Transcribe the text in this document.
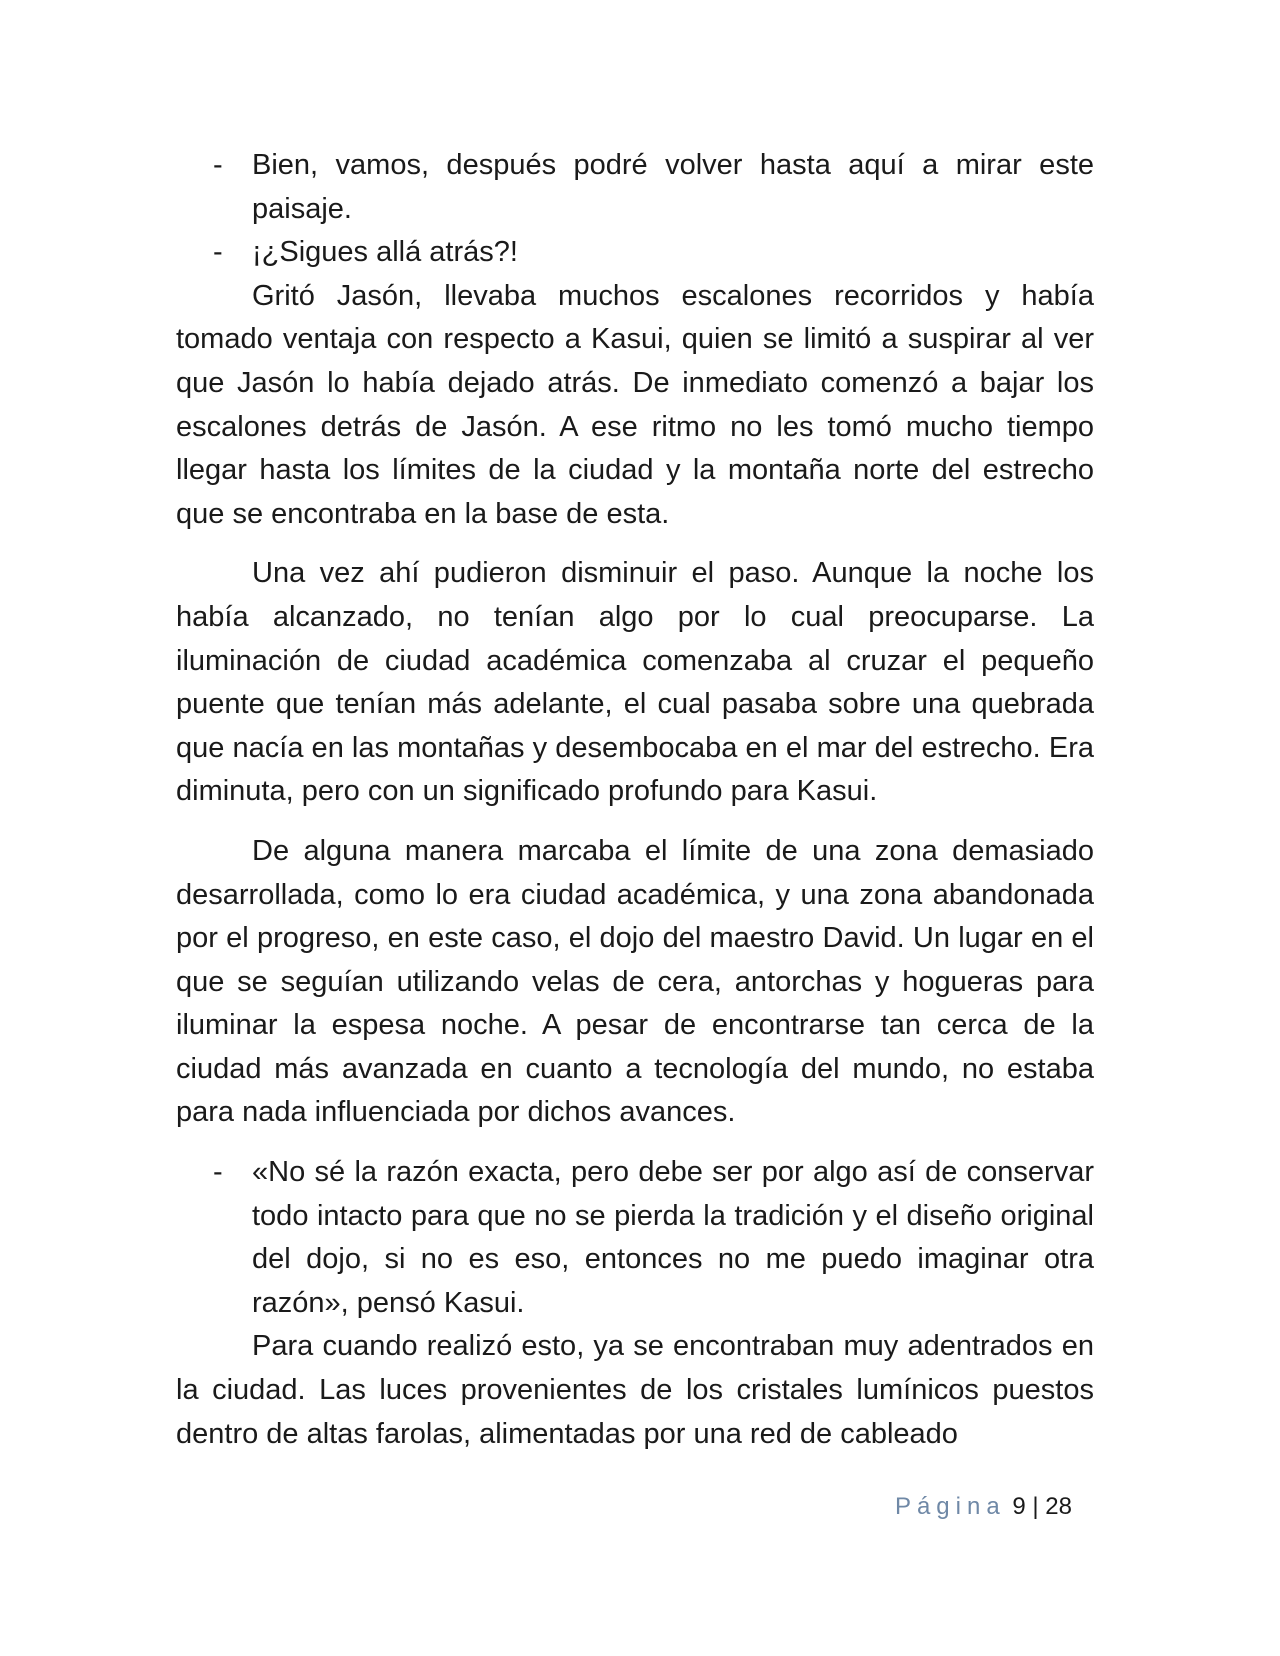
- Bien, vamos, después podré volver hasta aquí a mirar este paisaje.
- ¡¿Sigues allá atrás?!

Gritó Jasón, llevaba muchos escalones recorridos y había tomado ventaja con respecto a Kasui, quien se limitó a suspirar al ver que Jasón lo había dejado atrás. De inmediato comenzó a bajar los escalones detrás de Jasón. A ese ritmo no les tomó mucho tiempo llegar hasta los límites de la ciudad y la montaña norte del estrecho que se encontraba en la base de esta.

Una vez ahí pudieron disminuir el paso. Aunque la noche los había alcanzado, no tenían algo por lo cual preocuparse. La iluminación de ciudad académica comenzaba al cruzar el pequeño puente que tenían más adelante, el cual pasaba sobre una quebrada que nacía en las montañas y desembocaba en el mar del estrecho. Era diminuta, pero con un significado profundo para Kasui.

De alguna manera marcaba el límite de una zona demasiado desarrollada, como lo era ciudad académica, y una zona abandonada por el progreso, en este caso, el dojo del maestro David. Un lugar en el que se seguían utilizando velas de cera, antorchas y hogueras para iluminar la espesa noche. A pesar de encontrarse tan cerca de la ciudad más avanzada en cuanto a tecnología del mundo, no estaba para nada influenciada por dichos avances.

- «No sé la razón exacta, pero debe ser por algo así de conservar todo intacto para que no se pierda la tradición y el diseño original del dojo, si no es eso, entonces no me puedo imaginar otra razón», pensó Kasui.

Para cuando realizó esto, ya se encontraban muy adentrados en la ciudad. Las luces provenientes de los cristales lumínicos puestos dentro de altas farolas, alimentadas por una red de cableado

Página 9 | 28
